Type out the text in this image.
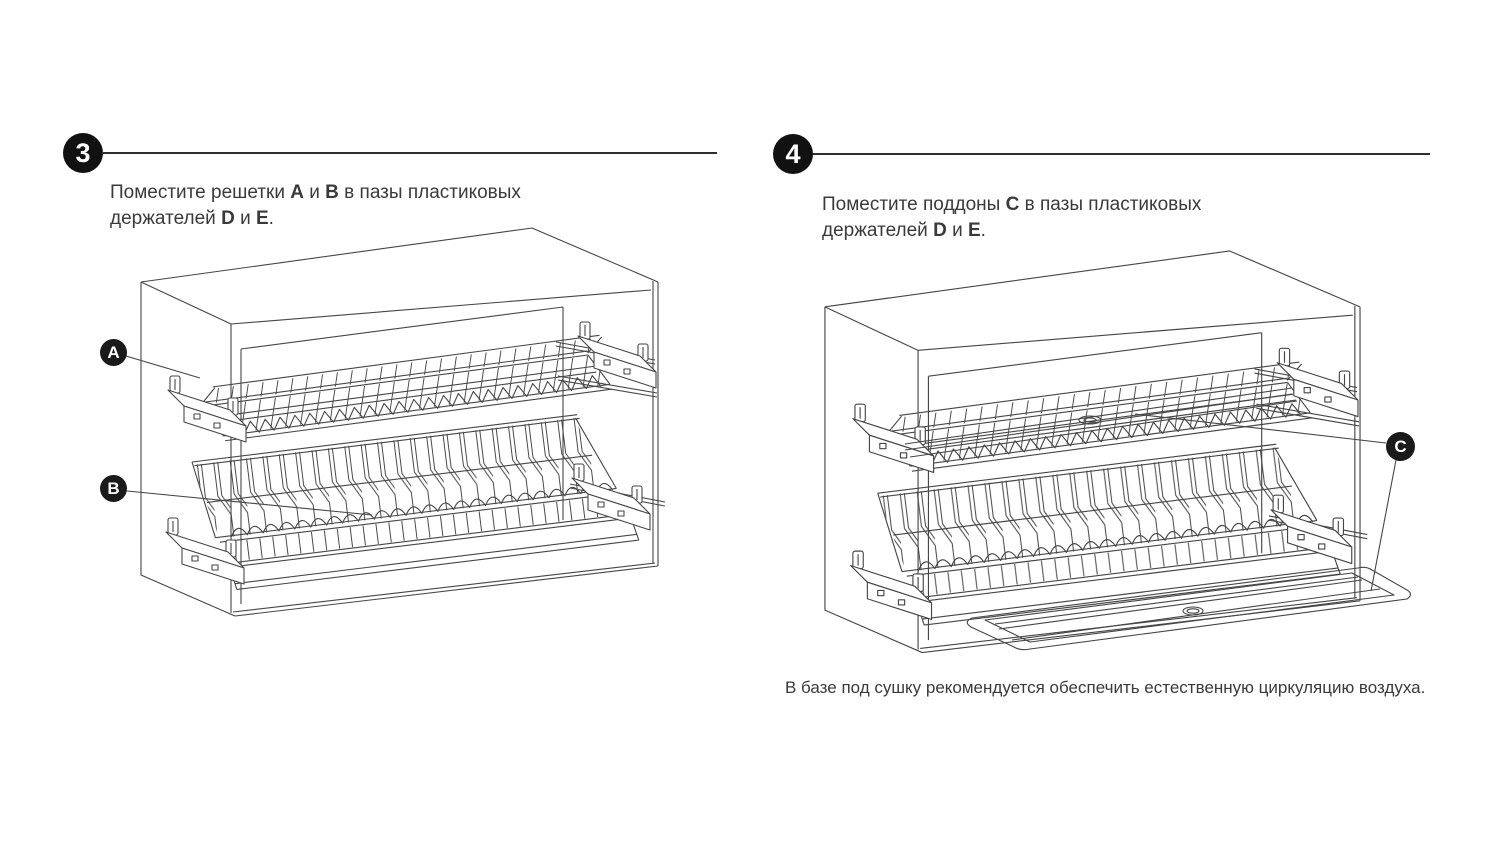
3

Поместите решетки A и B в пазы пластиковых
держателей D и E.

4

Поместите поддоны C в пазы пластиковых
держателей D и E.

A
B
C

В базе под сушку рекомендуется обеспечить естественную циркуляцию воздуха.
